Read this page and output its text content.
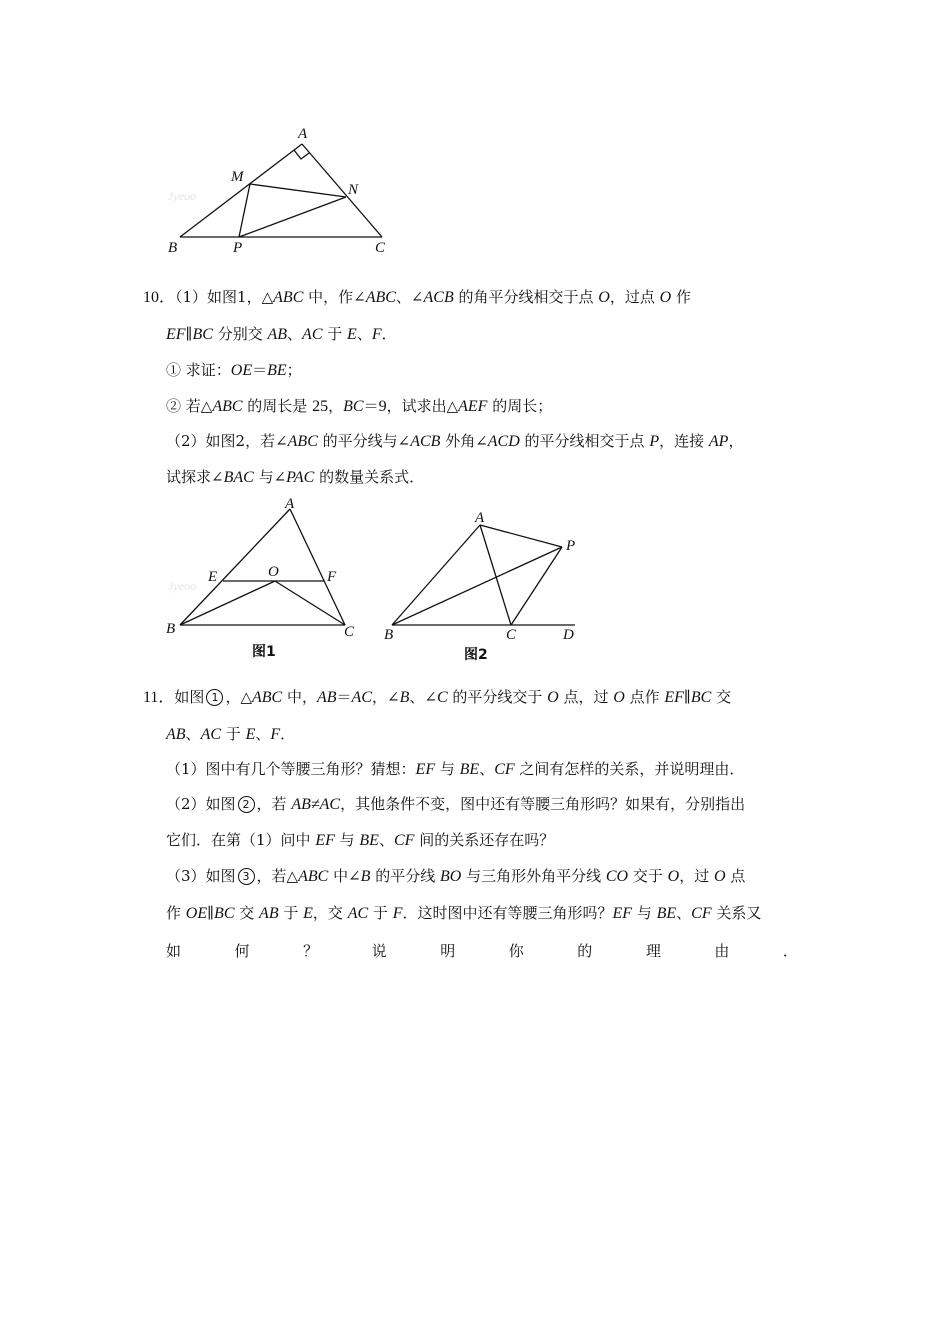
Jyeoo
A
M
N
B	P	C
10．（1）如图1，△ABC 中，作∠ABC、∠ACB 的角平分线相交于点 O，过点 O 作
EF∥BC 分别交 AB、AC 于 E、F．
① 求证：OE＝BE；
② 若△ABC 的周长是 25，BC＝9，试求出△AEF 的周长；
（2）如图2，若∠ABC 的平分线与∠ACB 外角∠ACD 的平分线相交于点 P，连接 AP，
试探求∠BAC 与∠PAC 的数量关系式．
Jyeoo
A
E	O	F
B	C
图1
A
P
B	C	D
图2
11．如图 1 ，△ABC 中，AB＝AC，∠B、∠C 的平分线交于 O 点，过 O 点作 EF∥BC 交
AB、AC 于 E、F．
（1）图中有几个等腰三角形？猜想：EF 与 BE、CF 之间有怎样的关系，并说明理由．
（2）如图 2 ，若 AB≠AC，其他条件不变，图中还有等腰三角形吗？如果有，分别指出
它们．在第（1）问中 EF 与 BE、CF 间的关系还存在吗？
（3）如图 3 ，若△ABC 中∠B 的平分线 BO 与三角形外角平分线 CO 交于 O，过 O 点
作 OE∥BC 交 AB 于 E，交 AC 于 F．这时图中还有等腰三角形吗？EF 与 BE、CF 关系又
如	何	？	说	明	你	的	理	由	．
